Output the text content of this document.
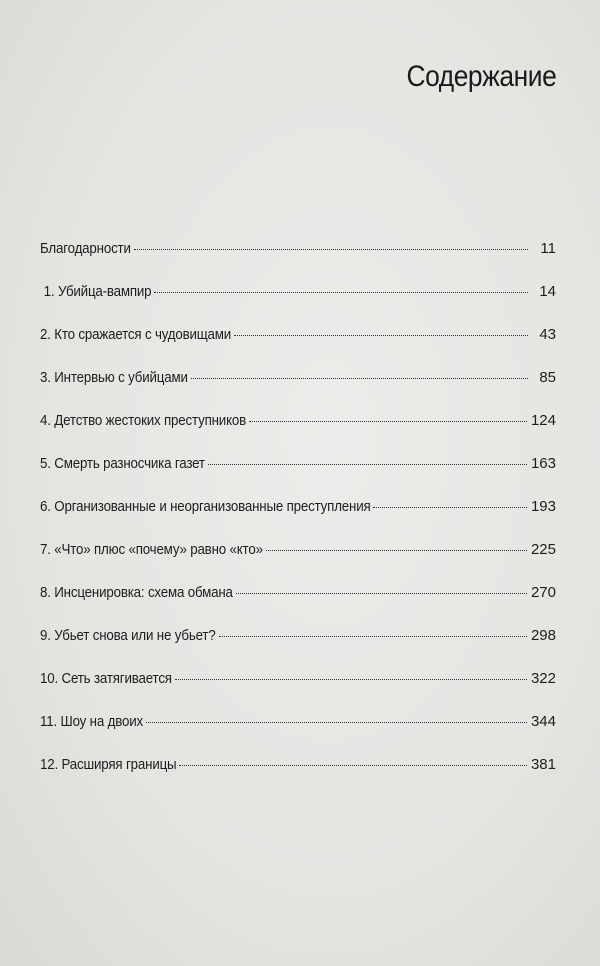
Содержание
Благодарности	11
1. Убийца-вампир	14
2. Кто сражается с чудовищами	43
3. Интервью с убийцами	85
4. Детство жестоких преступников	124
5. Смерть разносчика газет	163
6. Организованные и неорганизованные преступления	193
7. «Что» плюс «почему» равно «кто»	225
8. Инсценировка: схема обмана	270
9. Убьет снова или не убьет?	298
10. Сеть затягивается	322
11. Шоу на двоих	344
12. Расширяя границы	381
